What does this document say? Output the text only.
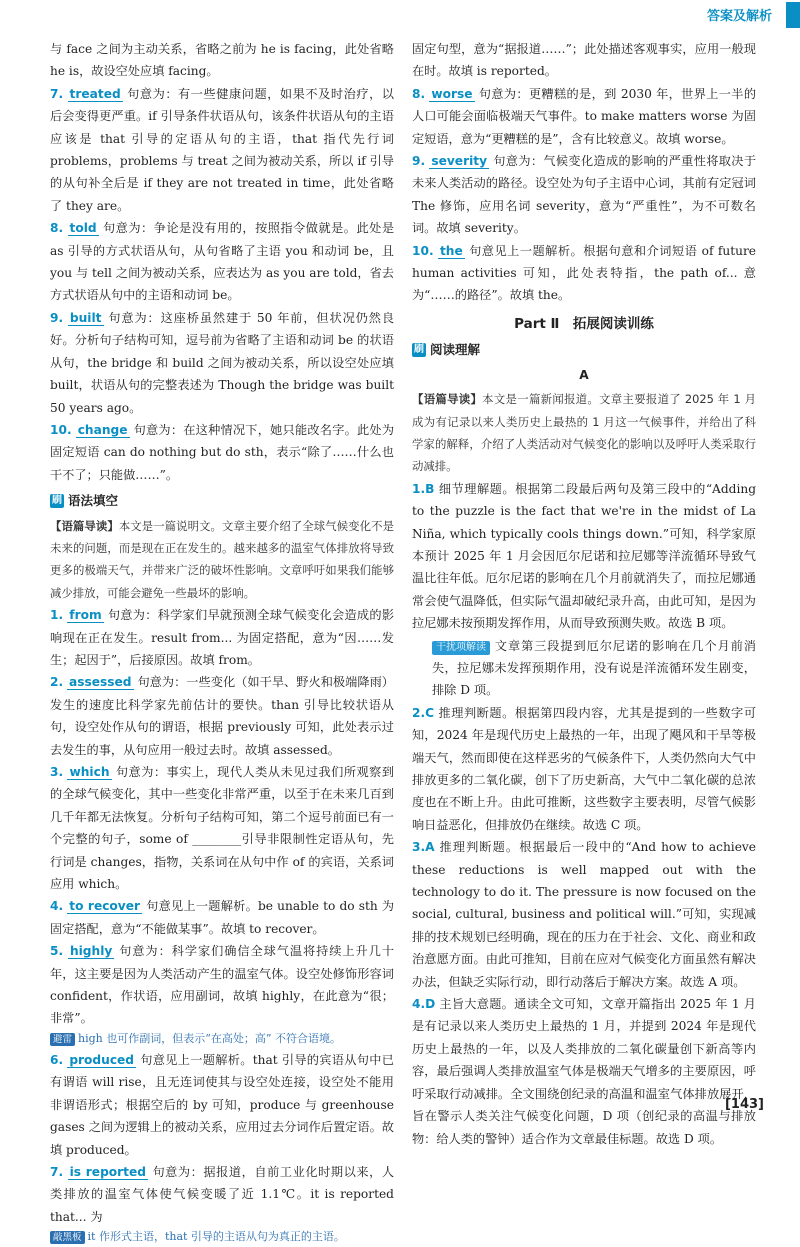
答案及解析

与 face 之间为主动关系，省略之前为 he is facing，此处省略 he is，故设空处应填 facing。

7. treated 句意为：有一些健康问题，如果不及时治疗，以后会变得更严重。if 引导条件状语从句，该条件状语从句的主语应该是 that 引导的定语从句的主语，that 指代先行词 problems，problems 与 treat 之间为被动关系，所以 if 引导的从句补全后是 if they are not treated in time，此处省略了 they are。

8. told 句意为：争论是没有用的，按照指令做就是。此处是 as 引导的方式状语从句，从句省略了主语 you 和动词 be，且 you 与 tell 之间为被动关系，应表达为 as you are told，省去方式状语从句中的主语和动词 be。

9. built 句意为：这座桥虽然建于 50 年前，但状况仍然良好。分析句子结构可知，逗号前为省略了主语和动词 be 的状语从句，the bridge 和 build 之间为被动关系，所以设空处应填 built，状语从句的完整表述为 Though the bridge was built 50 years ago。

10. change 句意为：在这种情况下，她只能改名字。此处为固定短语 can do nothing but do sth，表示“除了……什么也干不了；只能做……”。

刷 语法填空

【语篇导读】本文是一篇说明文。文章主要介绍了全球气候变化不是未来的问题，而是现在正在发生的。越来越多的温室气体排放将导致更多的极端天气，并带来广泛的破坏性影响。文章呼吁如果我们能够减少排放，可能会避免一些最坏的影响。

1. from 句意为：科学家们早就预测全球气候变化会造成的影响现在正在发生。result from... 为固定搭配，意为“因……发生；起因于”，后接原因。故填 from。

2. assessed 句意为：一些变化（如干旱、野火和极端降雨）发生的速度比科学家先前估计的要快。than 引导比较状语从句，设空处作从句的谓语，根据 previously 可知，此处表示过去发生的事，从句应用一般过去时。故填 assessed。

3. which 句意为：事实上，现代人类从未见过我们所观察到的全球气候变化，其中一些变化非常严重，以至于在未来几百到几千年都无法恢复。分析句子结构可知，第二个逗号前面已有一个完整的句子，some of ________引导非限制性定语从句，先行词是 changes，指物，关系词在从句中作 of 的宾语，关系词应用 which。

4. to recover 句意见上一题解析。be unable to do sth 为固定搭配，意为“不能做某事”。故填 to recover。

5. highly 句意为：科学家们确信全球气温将持续上升几十年，这主要是因为人类活动产生的温室气体。设空处修饰形容词 confident，作状语，应用副词，故填 highly，在此意为“很；非常”。

避雷 high 也可作副词，但表示“在高处；高” 不符合语境。

6. produced 句意见上一题解析。that 引导的宾语从句中已有谓语 will rise，且无连词使其与设空处连接，设空处不能用非谓语形式；根据空后的 by 可知，produce 与 greenhouse gases 之间为逻辑上的被动关系，应用过去分词作后置定语。故填 produced。

7. is reported 句意为：据报道，自前工业化时期以来，人类排放的温室气体使气候变暖了近 1.1℃。it is reported that... 为

敲黑板 it 作形式主语，that 引导的主语从句为真正的主语。

固定句型，意为“据报道……”；此处描述客观事实，应用一般现在时。故填 is reported。

8. worse 句意为：更糟糕的是，到 2030 年，世界上一半的人口可能会面临极端天气事件。to make matters worse 为固定短语，意为“更糟糕的是”，含有比较意义。故填 worse。

9. severity 句意为：气候变化造成的影响的严重性将取决于未来人类活动的路径。设空处为句子主语中心词，其前有定冠词 The 修饰，应用名词 severity，意为“严重性”，为不可数名词。故填 severity。

10. the 句意见上一题解析。根据句意和介词短语 of future human activities 可知，此处表特指，the path of... 意为“……的路径”。故填 the。

Part Ⅱ　拓展阅读训练
刷 阅读理解
A

【语篇导读】本文是一篇新闻报道。文章主要报道了 2025 年 1 月成为有记录以来人类历史上最热的 1 月这一气候事件，并给出了科学家的解释，介绍了人类活动对气候变化的影响以及呼吁人类采取行动减排。

1.B 细节理解题。根据第二段最后两句及第三段中的“Adding to the puzzle is the fact that we're in the midst of La Niña, which typically cools things down.”可知，科学家原本预计 2025 年 1 月会因厄尔尼诺和拉尼娜等洋流循环导致气温比往年低。厄尔尼诺的影响在几个月前就消失了，而拉尼娜通常会使气温降低，但实际气温却破纪录升高，由此可知，是因为拉尼娜未按预期发挥作用，从而导致预测失败。故选 B 项。

干扰项解读 文章第三段提到厄尔尼诺的影响在几个月前消失，拉尼娜未发挥预期作用，没有说是洋流循环发生剧变，排除 D 项。

2.C 推理判断题。根据第四段内容，尤其是提到的一些数字可知，2024 年是现代历史上最热的一年，出现了飓风和干旱等极端天气，然而即使在这样恶劣的气候条件下，人类仍然向大气中排放更多的二氧化碳，创下了历史新高，大气中二氧化碳的总浓度也在不断上升。由此可推断，这些数字主要表明，尽管气候影响日益恶化，但排放仍在继续。故选 C 项。

3.A 推理判断题。根据最后一段中的“And how to achieve these reductions is well mapped out with the technology to do it. The pressure is now focused on the social, cultural, business and political will.”可知，实现减排的技术规划已经明确，现在的压力在于社会、文化、商业和政治意愿方面。由此可推知，目前在应对气候变化方面虽然有解决办法，但缺乏实际行动，即行动落后于解决方案。故选 A 项。

4.D 主旨大意题。通读全文可知，文章开篇指出 2025 年 1 月是有记录以来人类历史上最热的 1 月，并提到 2024 年是现代历史上最热的一年，以及人类排放的二氧化碳量创下新高等内容，最后强调人类排放温室气体是极端天气增多的主要原因，呼吁采取行动减排。全文围绕创纪录的高温和温室气体排放展开，旨在警示人类关注气候变化问题，D 项（创纪录的高温与排放物：给人类的警钟）适合作为文章最佳标题。故选 D 项。

[143]
